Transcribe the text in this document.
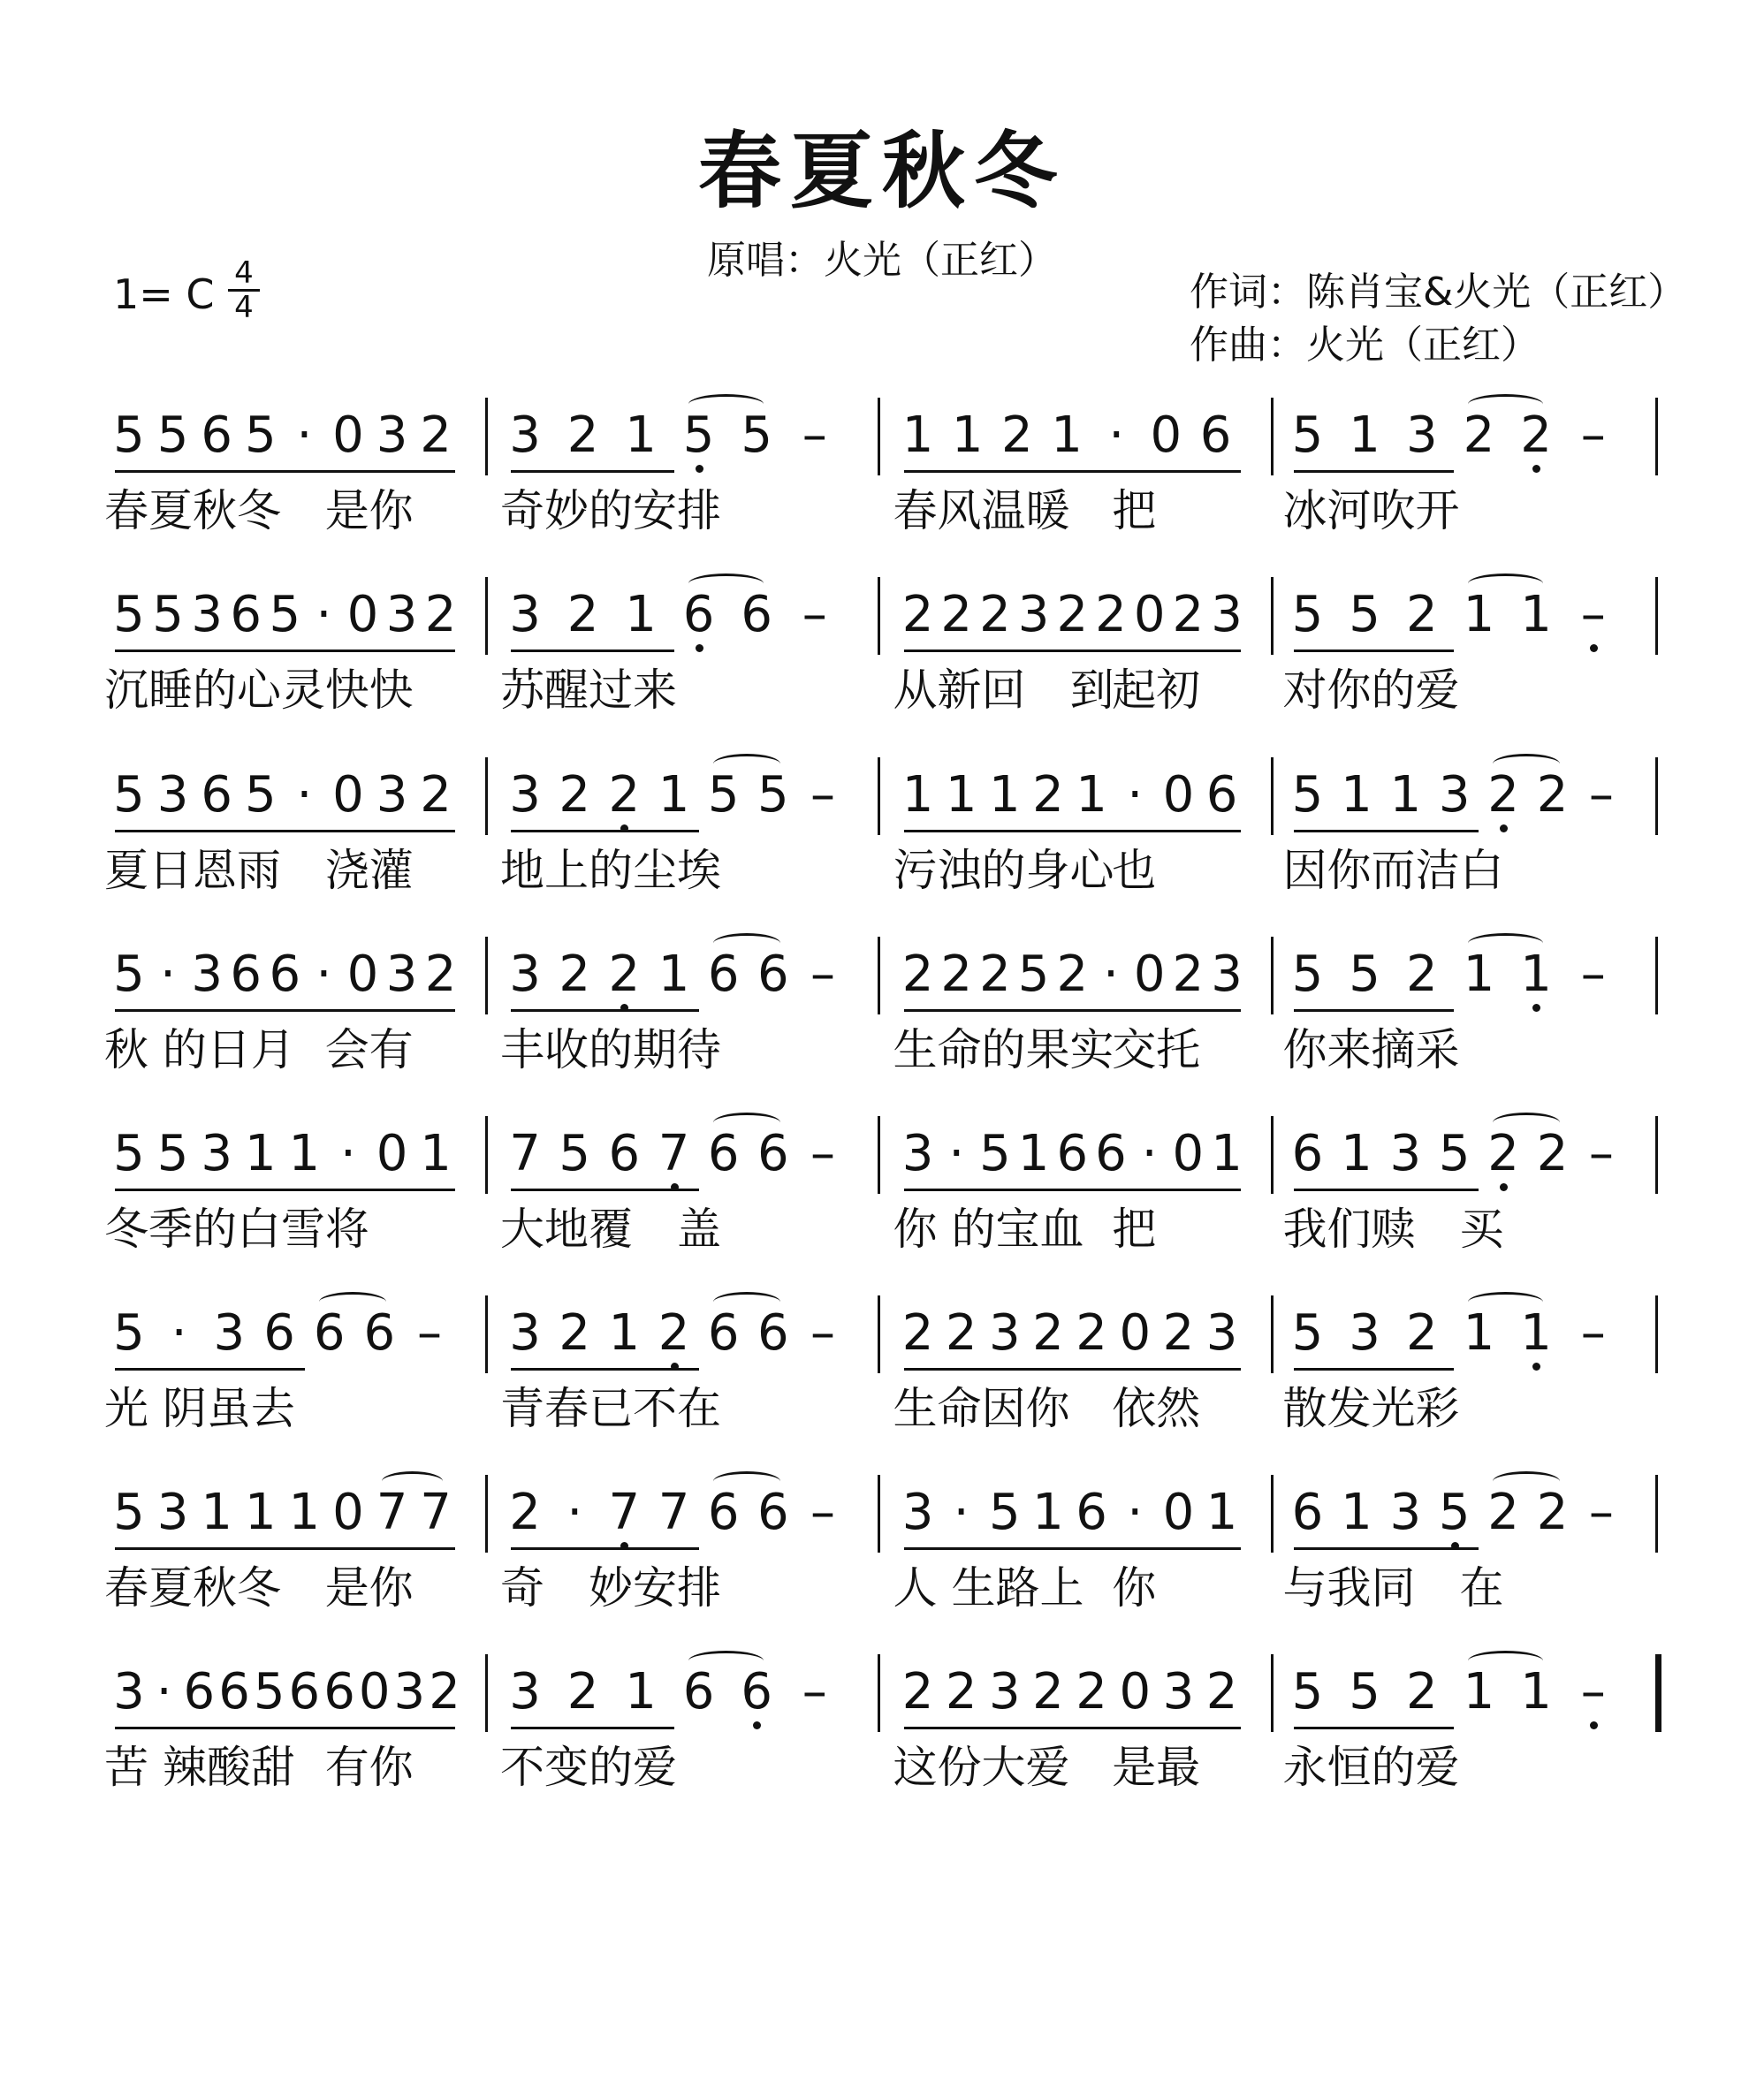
春夏秋冬

原唱：火光（正红）

1= C 4
4	作词：陈肖宝&火光（正红）
作曲：火光（正红）
5 5 6 5 · 0 3 2 3 2 1 5 5 – 1 1 2 1 · 0 6 5 1 3 2 2 –
春夏秋冬 是你 奇妙的安排	春风温暖 把	冰河吹开
5 5 3 6 5 · 0 3 2 3 2 1 6 6 – 2 2 2 3 2 2 0 2 3 5 5 2 1 1 –
沉睡的心灵 快快 苏醒过来	从新回　到
起初 对你的爱
5 3 6 5 · 0 3 2 3 2 2 1 5 5 – 1 1 1 2 1 · 0 6 5 1 1 3 2 2 –
夏日恩雨 浇灌 地上的尘埃	污浊的身心
也	因你而洁白
5 · 3 6 6 · 0 3 2 3 2 2 1 6 6 – 2 2 2 5 2 · 0 2 3 5 5 2 1 1 –
秋 的日月 会有 丰收的期待	生命的果实
交托 你来摘采
5 5 3 1 1 · 0 1 7 5 6 7 6 6 – 3 · 5 1 6 6 · 0 1 6 1 3 5 2 2 –
冬季的白雪 将	大地覆　盖	你 的宝血 把	我们赎　买
5 · 3 6 6 6 – 3 2 1 2 6 6 – 2 2 3 2 2 0 2 3 5 3 2 1 1 –
光 阴虽去	青春已不在	生命因你 依然 散发光彩
5 3 1 1 1 0 7 7 2 · 7 7 6 6 – 3 · 5 1 6 · 0 1 6 1 3 5 2 2 –
春夏秋冬 是你 奇　妙安排	人 生路上 你	与我同　在
3 · 6 6 5 6 6 0 3 2 3 2 1 6 6 – 2 2 3 2 2 0 3 2 5 5 2 1 1 –
苦 辣酸甜 有你 不变的爱	这份大爱 是最 永恒的爱
